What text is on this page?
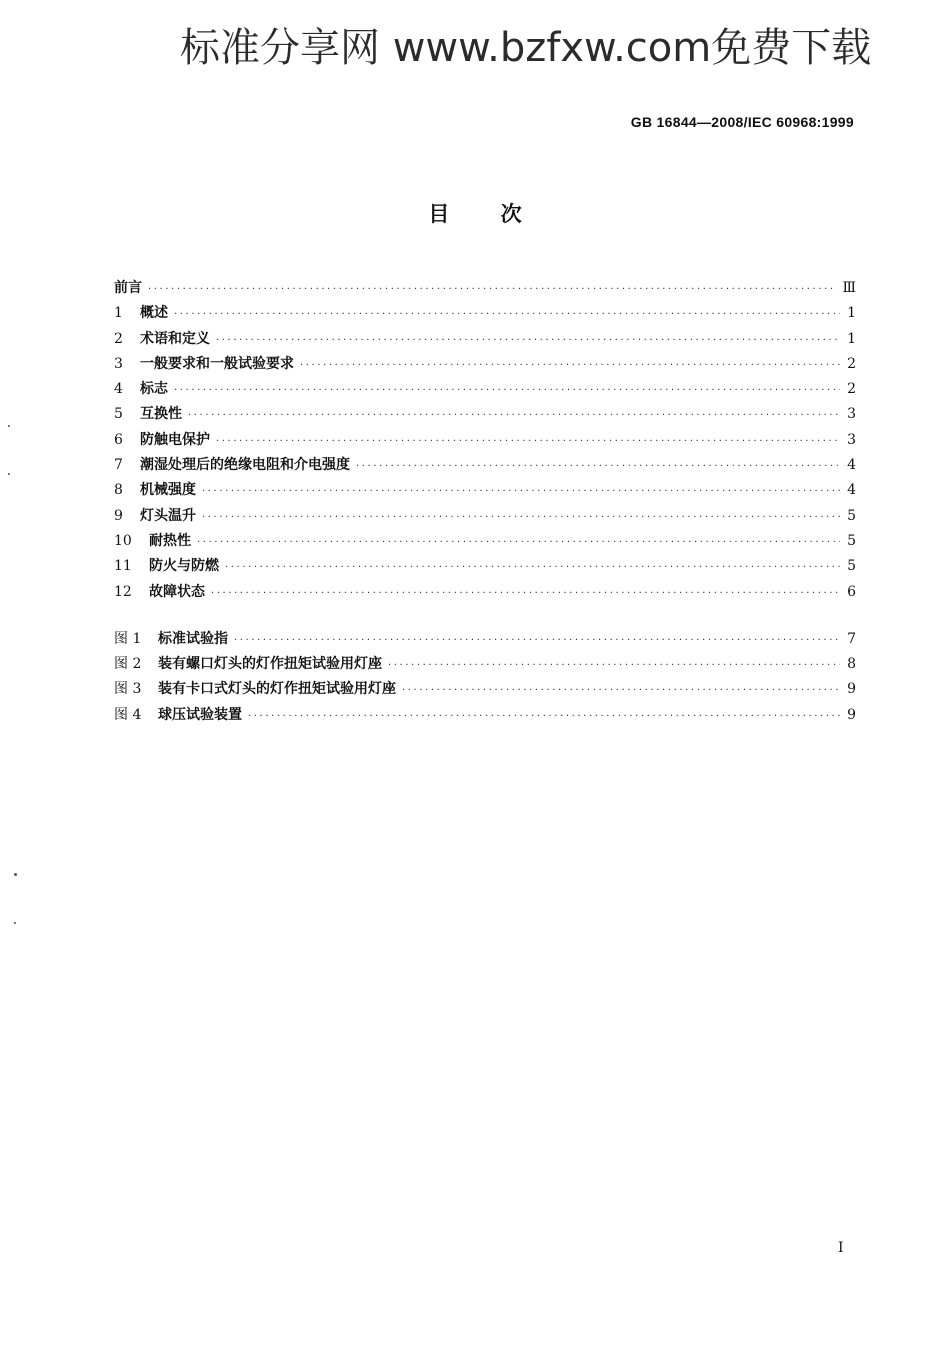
标准分享网 www.bzfxw.com免费下载
GB 16844—2008/IEC 60968:1999
目 次
前言 ·····	Ⅲ
1	概述 ·····	1
2	术语和定义 ·····	1
3	一般要求和一般试验要求 ·····	2
4	标志 ·····	2
5	互换性 ·····	3
6	防触电保护 ·····	3
7	潮湿处理后的绝缘电阻和介电强度 ·····	4
8	机械强度 ·····	4
9	灯头温升 ·····	5
10	耐热性 ·····	5
11	防火与防燃 ·····	5
12	故障状态 ·····	6
图 1	标准试验指 ·····	7
图 2	装有螺口灯头的灯作扭矩试验用灯座 ·····	8
图 3	装有卡口式灯头的灯作扭矩试验用灯座 ·····	9
图 4	球压试验装置 ·····	9
I
